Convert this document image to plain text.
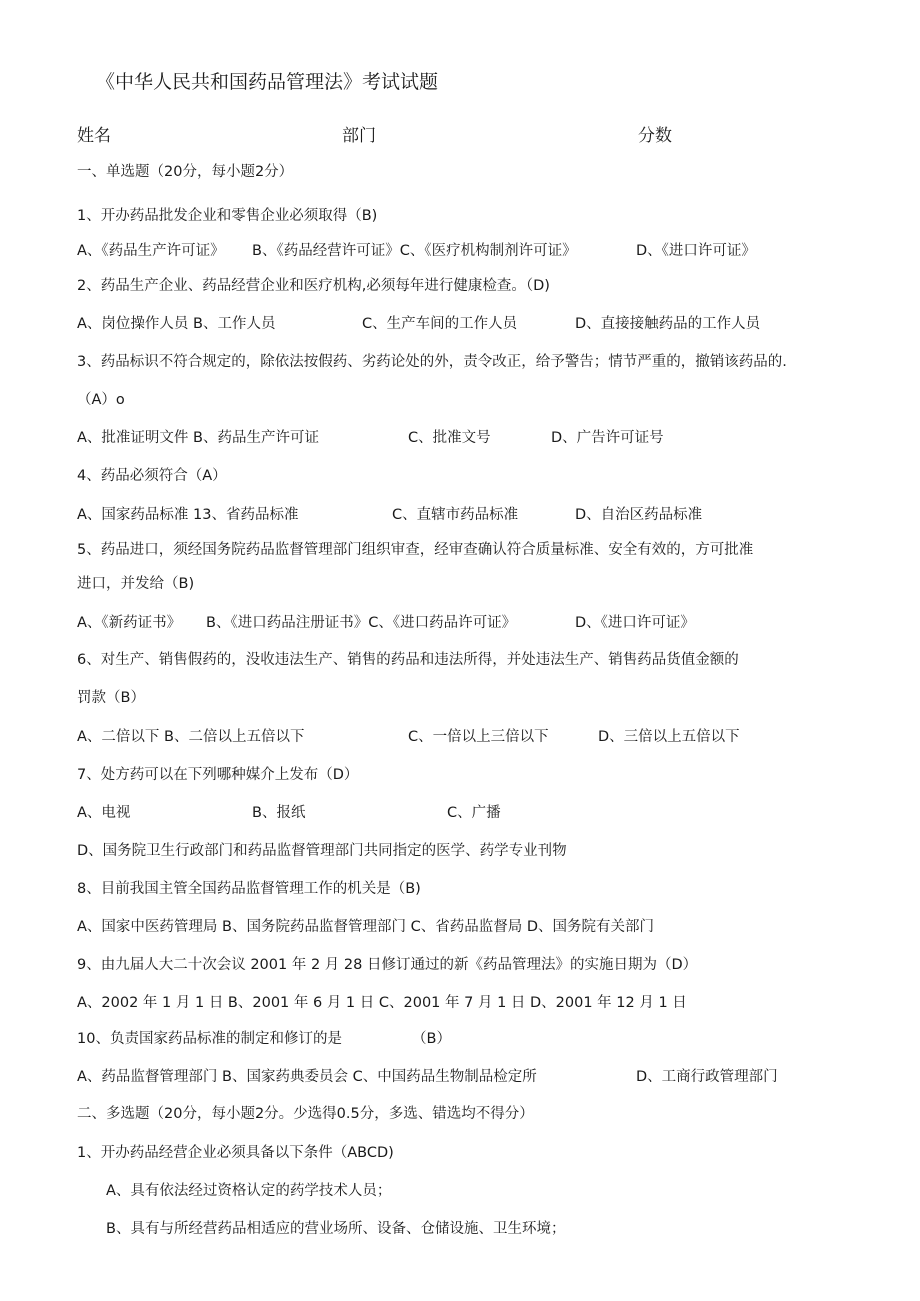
《中华人民共和国药品管理法》考试试题
姓名	部门	分数
一、单选题（20分，每小题2分）
1、开办药品批发企业和零售企业必须取得（B)
A、《药品生产许可证》 B、《药品经营许可证》C、《医疗机构制剂许可证》	D、《进口许可证》
2、药品生产企业、药品经营企业和医疗机构,必须每年进行健康检查。（D)
A、岗位操作人员 B、工作人员	C、生产车间的工作人员	D、直接接触药品的工作人员
3、药品标识不符合规定的，除依法按假药、劣药论处的外，责令改正，给予警告；情节严重的，撤销该药品的.
（A）o
A、批准证明文件 B、药品生产许可证	C、批准文号	D、广告许可证号
4、药品必须符合（A）
A、国家药品标准 13、省药品标准	C、直辖市药品标准	D、自治区药品标准
5、药品进口，须经国务院药品监督管理部门组织审查，经审查确认符合质量标准、安全有效的，方可批准
进口，并发给（B)
A、《新药证书》 B、《进口药品注册证书》C、《进口药品许可证》	D、《进口许可证》
6、对生产、销售假药的，没收违法生产、销售的药品和违法所得，并处违法生产、销售药品货值金额的
罚款（B）
A、二倍以下 B、二倍以上五倍以下	C、一倍以上三倍以下	D、三倍以上五倍以下
7、处方药可以在下列哪种媒介上发布（D）
A、电视	B、报纸	C、广播
D、国务院卫生行政部门和药品监督管理部门共同指定的医学、药学专业刊物
8、目前我国主管全国药品监督管理工作的机关是（B)
A、国家中医药管理局 B、国务院药品监督管理部门 C、省药品监督局 D、国务院有关部门
9、由九届人大二十次会议 2001 年 2 月 28 日修订通过的新《药品管理法》的实施日期为（D）
A、2002 年 1 月 1 日 B、2001 年 6 月 1 日 C、2001 年 7 月 1 日 D、2001 年 12 月 1 日
10、负责国家药品标准的制定和修订的是	（B）
A、药品监督管理部门 B、国家药典委员会 C、中国药品生物制品检定所	D、工商行政管理部门
二、多选题（20分，每小题2分。少选得0.5分，多选、错选均不得分）
1、开办药品经营企业必须具备以下条件（ABCD)
A、具有依法经过资格认定的药学技术人员；
B、具有与所经营药品相适应的营业场所、设备、仓储设施、卫生环境；
